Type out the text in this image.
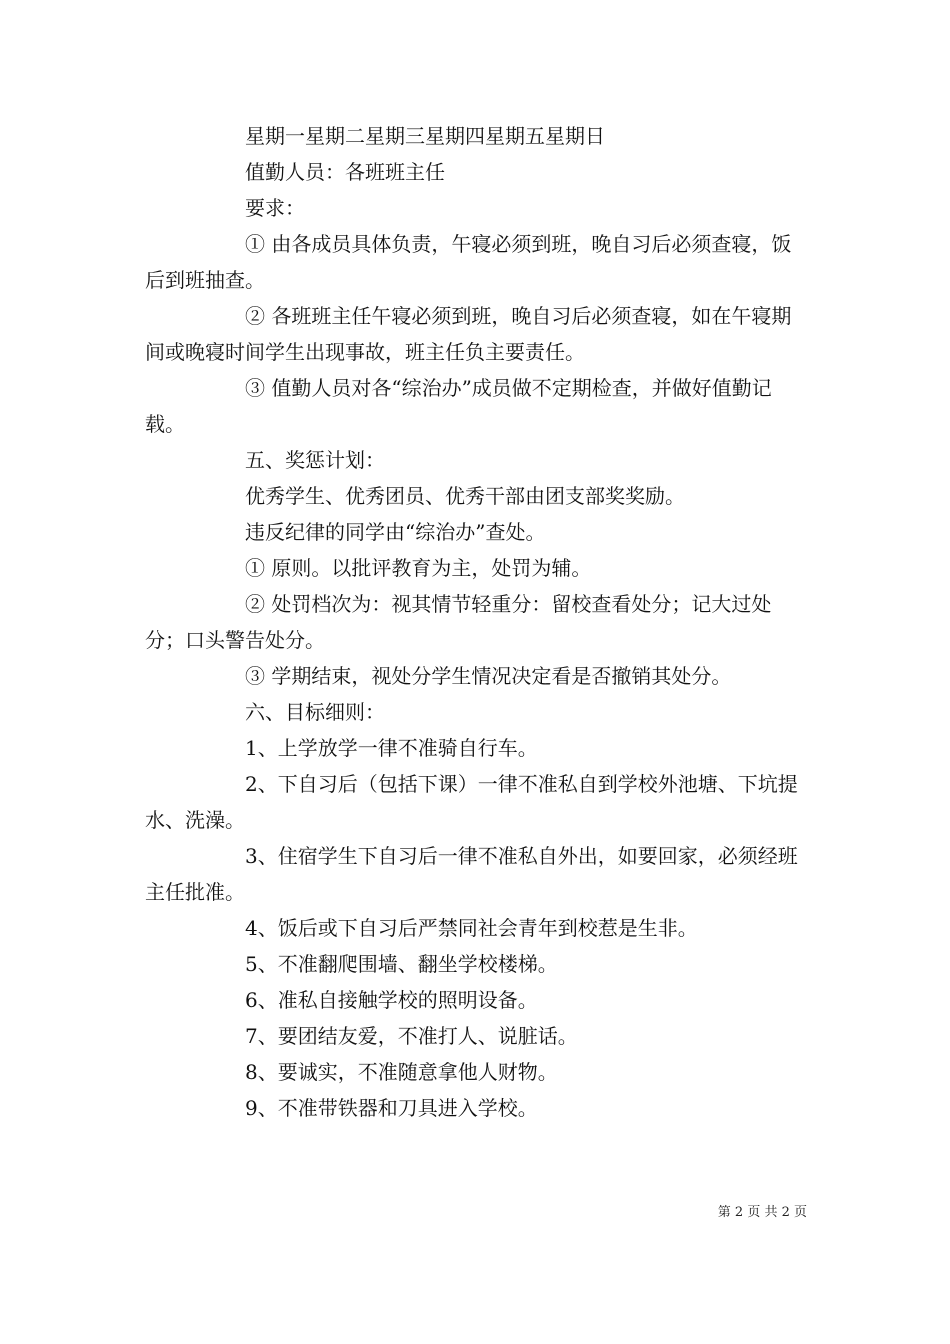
星期一星期二星期三星期四星期五星期日

值勤人员：各班班主任

要求：

① 由各成员具体负责，午寝必须到班，晚自习后必须查寝，饭后到班抽查。

② 各班班主任午寝必须到班，晚自习后必须查寝，如在午寝期间或晚寝时间学生出现事故，班主任负主要责任。

③ 值勤人员对各“综治办”成员做不定期检查，并做好值勤记载。

五、奖惩计划：

优秀学生、优秀团员、优秀干部由团支部奖奖励。

违反纪律的同学由“综治办”查处。

① 原则。以批评教育为主，处罚为辅。

② 处罚档次为：视其情节轻重分：留校查看处分；记大过处分；口头警告处分。

③ 学期结束，视处分学生情况决定看是否撤销其处分。

六、目标细则：

1、上学放学一律不准骑自行车。

2、下自习后（包括下课）一律不准私自到学校外池塘、下坑提水、洗澡。

3、住宿学生下自习后一律不准私自外出，如要回家，必须经班主任批准。

4、饭后或下自习后严禁同社会青年到校惹是生非。

5、不准翻爬围墙、翻坐学校楼梯。

6、准私自接触学校的照明设备。

7、要团结友爱，不准打人、说脏话。

8、要诚实，不准随意拿他人财物。

9、不准带铁器和刀具进入学校。

第 2 页 共 2 页
